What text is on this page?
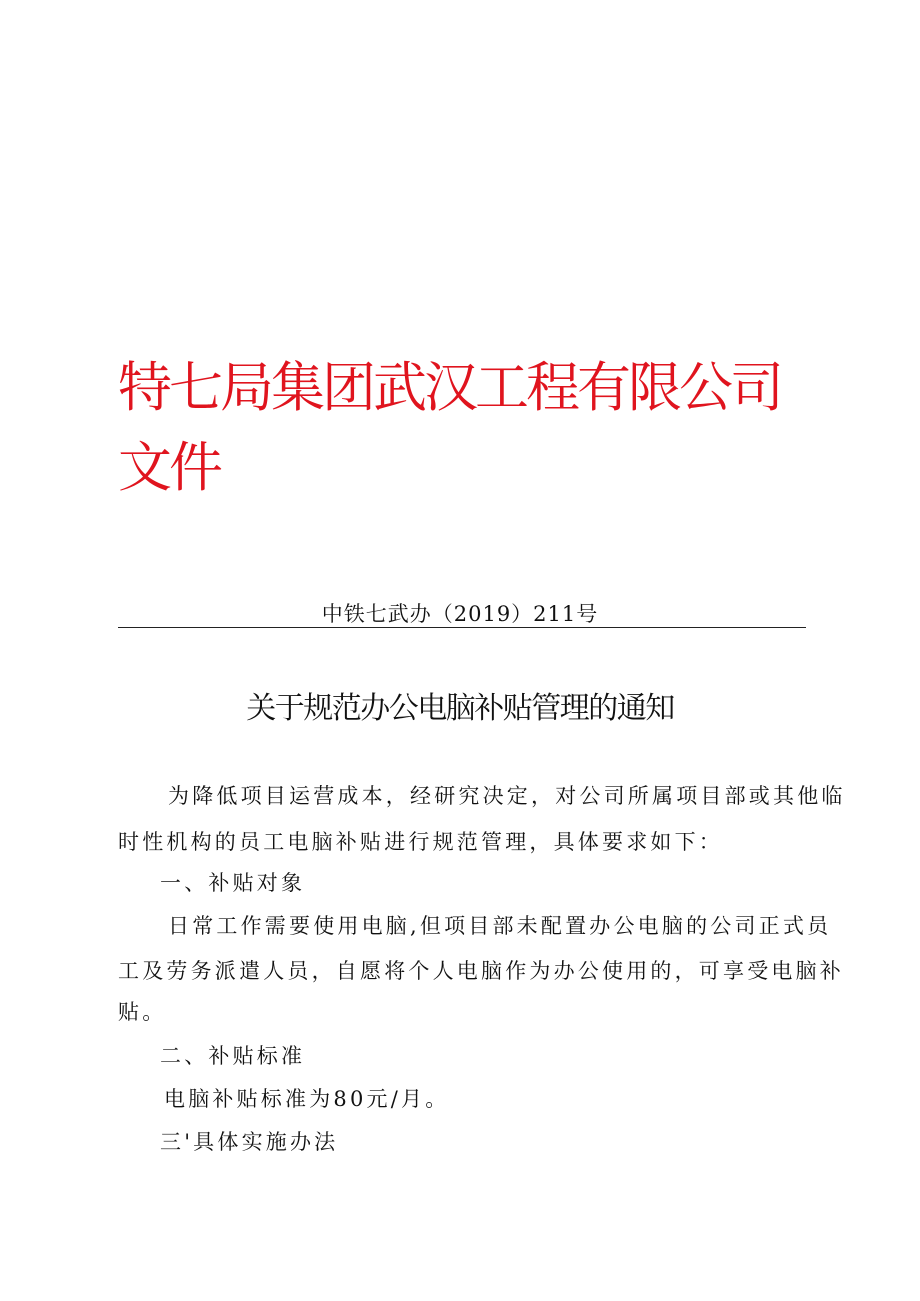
特七局集团武汉工程有限公司
文件
中铁七武办（2019）211号
关于规范办公电脑补贴管理的通知
为降低项目运营成本，经研究决定，对公司所属项目部或其他临
时性机构的员工电脑补贴进行规范管理，具体要求如下：
一、补贴对象
日常工作需要使用电脑,但项目部未配置办公电脑的公司正式员
工及劳务派遣人员，自愿将个人电脑作为办公使用的，可享受电脑补
贴。
二、补贴标准
电脑补贴标准为80元/月。
三'具体实施办法
